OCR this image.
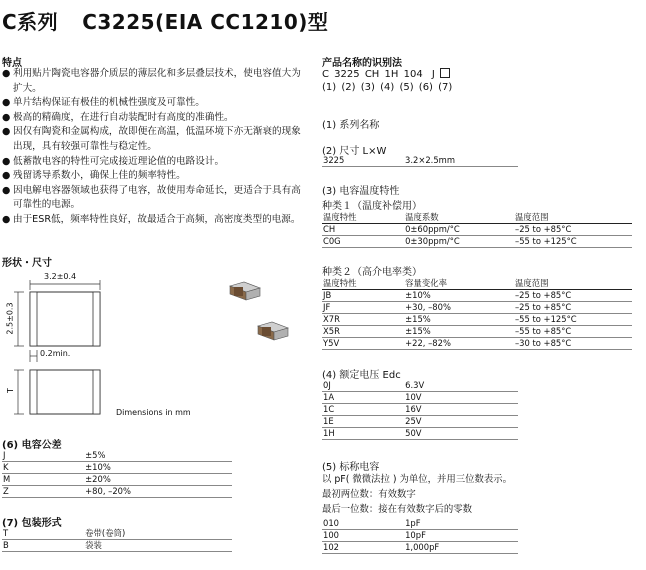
C系列 C3225(EIA CC1210)型
特点
● 利用贴片陶瓷电容器介质层的薄层化和多层叠层技术，使电容值大为扩大。
● 单片结构保证有极佳的机械性强度及可靠性。
● 极高的精确度，在进行自动装配时有高度的准确性。
● 因仅有陶瓷和金属构成，故即便在高温，低温环境下亦无渐衰的现象出现，具有较强可靠性与稳定性。
● 低蓄散电容的特性可完成接近理论值的电路设计。
● 残留诱导系数小，确保上佳的频率特性。
● 因电解电容器领域也获得了电容，故使用寿命延长，更适合于具有高可靠性的电源。
● 由于ESR低，频率特性良好，故最适合于高频，高密度类型的电源。
形状・尺寸
3.2±0.4
2.5±0.3
0.2min.
T
Dimensions in mm
(6) 电容公差
J	±5%
K	±10%
M	±20%
Z	+80, –20%
(7) 包装形式
T	卷带(卷筒)
B	袋装
产品名称的识别法
C 3225 CH 1H 104 J
(1) (2) (3) (4) (5) (6) (7)
(1) 系列名称
(2) 尺寸 L×W
3225	3.2×2.5mm
(3) 电容温度特性
种类１（温度补偿用）
温度特性	温度系数	温度范围
CH	0±60ppm/°C	–25 to +85°C
C0G	0±30ppm/°C	–55 to +125°C
种类２（高介电率类）
温度特性	容量变化率	温度范围
JB	±10%	–25 to +85°C
JF	+30, –80%	–25 to +85°C
X7R	±15%	–55 to +125°C
X5R	±15%	–55 to +85°C
Y5V	+22, –82%	–30 to +85°C
(4) 额定电压 Edc
0J	6.3V
1A	10V
1C	16V
1E	25V
1H	50V
(5) 标称电容
以 pF( 微微法拉 ) 为单位，并用三位数表示。
最初两位数：有效数字
最后一位数：接在有效数字后的零数
010	1pF
100	10pF
102	1,000pF
